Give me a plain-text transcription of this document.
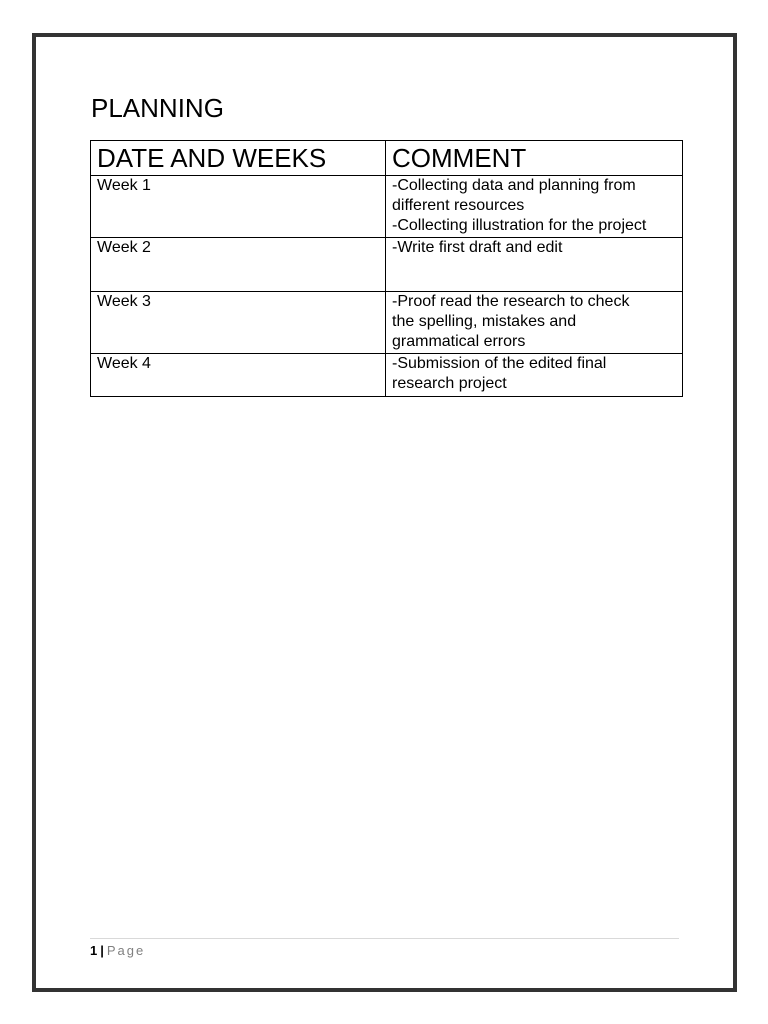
PLANNING
DATE AND WEEKS	COMMENT
Week 1	-Collecting data and planning from
different resources
-Collecting illustration for the project

Week 2	-Write first draft and edit

Week 3	-Proof read the research to check
the spelling, mistakes and
grammatical errors

Week 4	-Submission of the edited final
research project
1 | Page
